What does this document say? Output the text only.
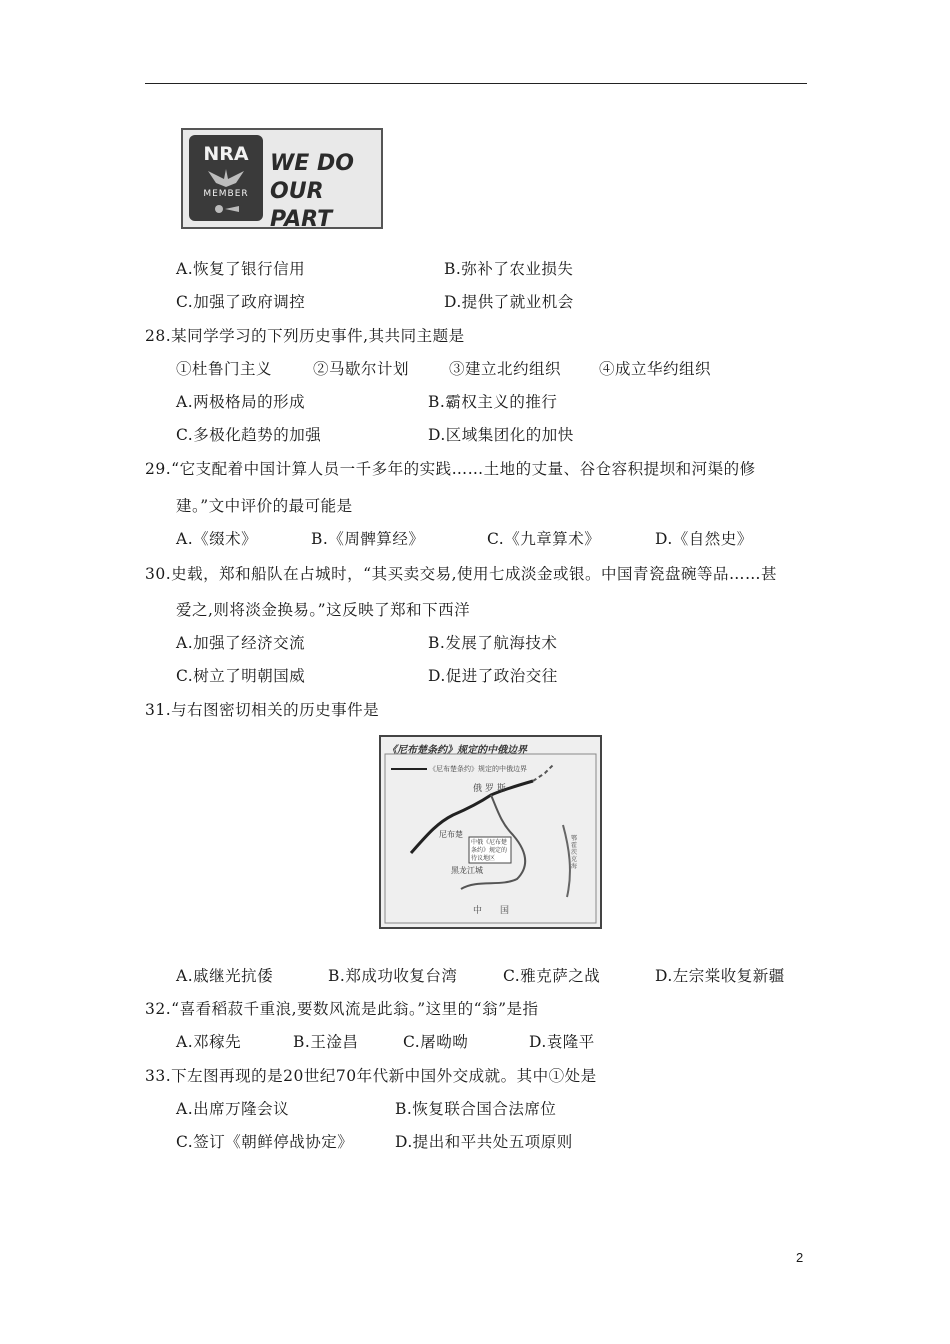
NRA
MEMBER
WE DO
OUR PART
A.恢复了银行信用	B.弥补了农业损失
C.加强了政府调控	D.提供了就业机会
28.某同学学习的下列历史事件,其共同主题是
①杜鲁门主义	②马歇尔计划	③建立北约组织 ④成立华约组织
A.两极格局的形成	B.霸权主义的推行
C.多极化趋势的加强	D.区域集团化的加快
29.“它支配着中国计算人员一千多年的实践……土地的丈量、谷仓容积提坝和河渠的修
建。”文中评价的最可能是
A.《缀术》	B.《周髀算经》	C.《九章算术》	D.《自然史》
30.史载，郑和船队在占城时，“其买卖交易,使用七成淡金或银。中国青瓷盘碗等品……甚
爱之,则将淡金换易。”这反映了郑和下西洋
A.加强了经济交流	B.发展了航海技术
C.树立了明朝国威	D.促进了政治交往
31.与右图密切相关的历史事件是
《尼布楚条约》规定的中俄边界
《尼布楚条约》规定的中俄边界
俄 罗 斯
尼布楚
黑龙江城
中俄《尼布楚条约》规定的待议地区
中　　国
鄂霍茨克海
A.戚继光抗倭	B.郑成功收复台湾	C.雅克萨之战	D.左宗棠收复新疆
32.“喜看稻菽千重浪,要数风流是此翁。”这里的“翁”是指
A.邓稼先	B.王淦昌	C.屠呦呦	D.袁隆平
33.下左图再现的是20世纪70年代新中国外交成就。其中①处是
A.出席万隆会议	B.恢复联合国合法席位
C.签订《朝鲜停战协定》	D.提出和平共处五项原则
2
